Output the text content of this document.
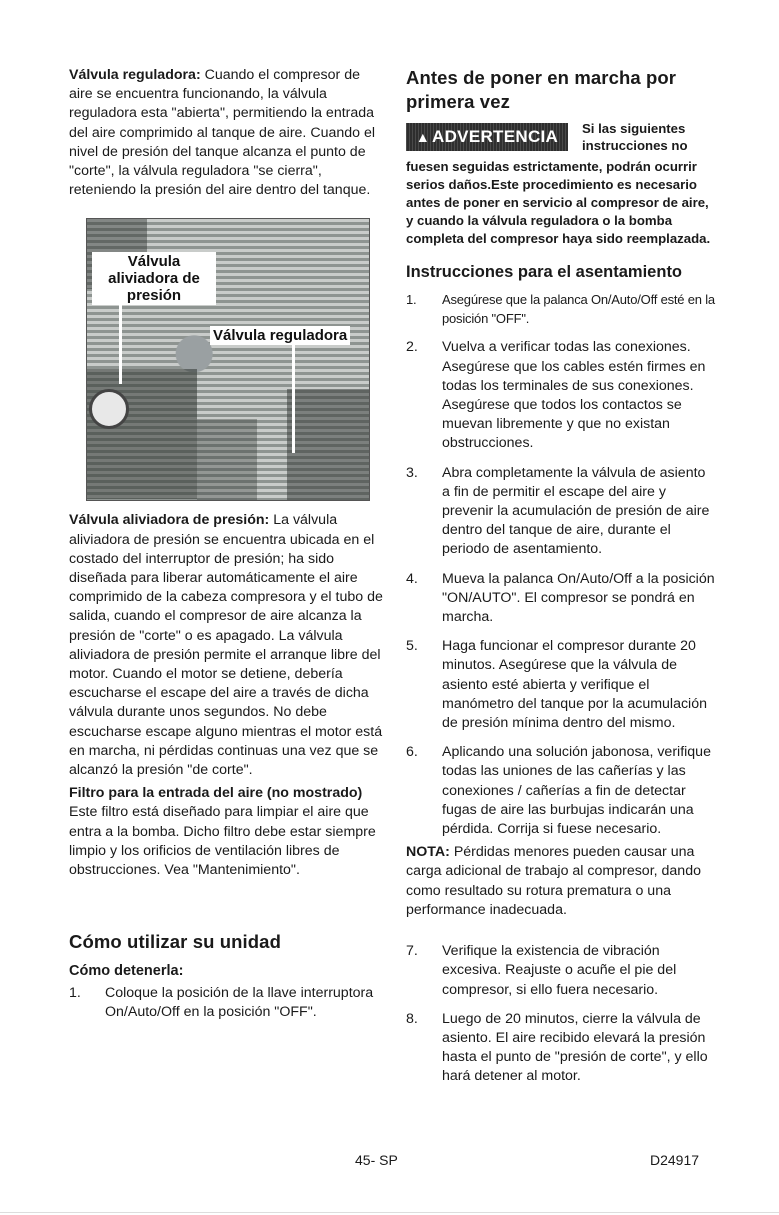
Válvula reguladora: Cuando el compresor de aire se encuentra funcionando, la válvula reguladora esta "abierta", permitiendo la entrada del aire comprimido al tanque de aire. Cuando el nivel de presión del tanque alcanza el punto de "corte", la válvula reguladora "se cierra", reteniendo la presión del aire dentro del tanque.

Válvula aliviadora de presión
Válvula reguladora

Válvula aliviadora de presión: La válvula aliviadora de presión se encuentra ubicada en el costado del interruptor de presión; ha sido diseñada para liberar automáticamente el aire comprimido de la cabeza compresora y el tubo de salida, cuando el compresor de aire alcanza la presión de "corte" o es apagado. La válvula aliviadora de presión permite el arranque libre del motor. Cuando el motor se detiene, debería escucharse el escape del aire a través de dicha válvula durante unos segundos. No debe escucharse escape alguno mientras el motor está en marcha, ni pérdidas continuas una vez que se alcanzó la presión "de corte".

Filtro para la entrada del aire (no mostrado) Este filtro está diseñado para limpiar el aire que entra a la bomba. Dicho filtro debe estar siempre limpio y los orificios de ventilación libres de obstrucciones. Vea "Mantenimiento".

Cómo utilizar su unidad
Cómo detenerla:
1. Coloque la posición de la llave interruptora On/Auto/Off en la posición "OFF".
Antes de poner en marcha por primera vez
▲ ADVERTENCIA	Si las siguientes instrucciones no

fuesen seguidas estrictamente, podrán ocurrir serios daños.Este procedimiento es necesario antes de poner en servicio al compresor de aire, y cuando la válvula reguladora o la bomba completa del compresor haya sido reemplazada.

Instrucciones para el asentamiento
1. Asegúrese que la palanca On/Auto/Off esté en la posición "OFF".
2. Vuelva a verificar todas las conexiones. Asegúrese que los cables estén firmes en todas los terminales de sus conexiones. Asegúrese que todos los contactos se muevan libremente y que no existan obstrucciones.
3. Abra completamente la válvula de asiento a fin de permitir el escape del aire y prevenir la acumulación de presión de aire dentro del tanque de aire, durante el periodo de asentamiento.
4. Mueva la palanca On/Auto/Off a la posición "ON/AUTO". El compresor se pondrá en marcha.
5. Haga funcionar el compresor durante 20 minutos. Asegúrese que la válvula de asiento esté abierta y verifique el manómetro del tanque por la acumulación de presión mínima dentro del mismo.
6. Aplicando una solución jabonosa, verifique todas las uniones de las cañerías y las conexiones / cañerías a fin de detectar fugas de aire las burbujas indicarán una pérdida. Corrija si fuese necesario.

NOTA: Pérdidas menores pueden causar una carga adicional de trabajo al compresor, dando como resultado su rotura prematura o una performance inadecuada.

7. Verifique la existencia de vibración excesiva. Reajuste o acuñe el pie del compresor, si ello fuera necesario.
8. Luego de 20 minutos, cierre la válvula de asiento. El aire recibido elevará la presión hasta el punto de "presión de corte", y ello hará detener al motor.
45- SP	D24917
